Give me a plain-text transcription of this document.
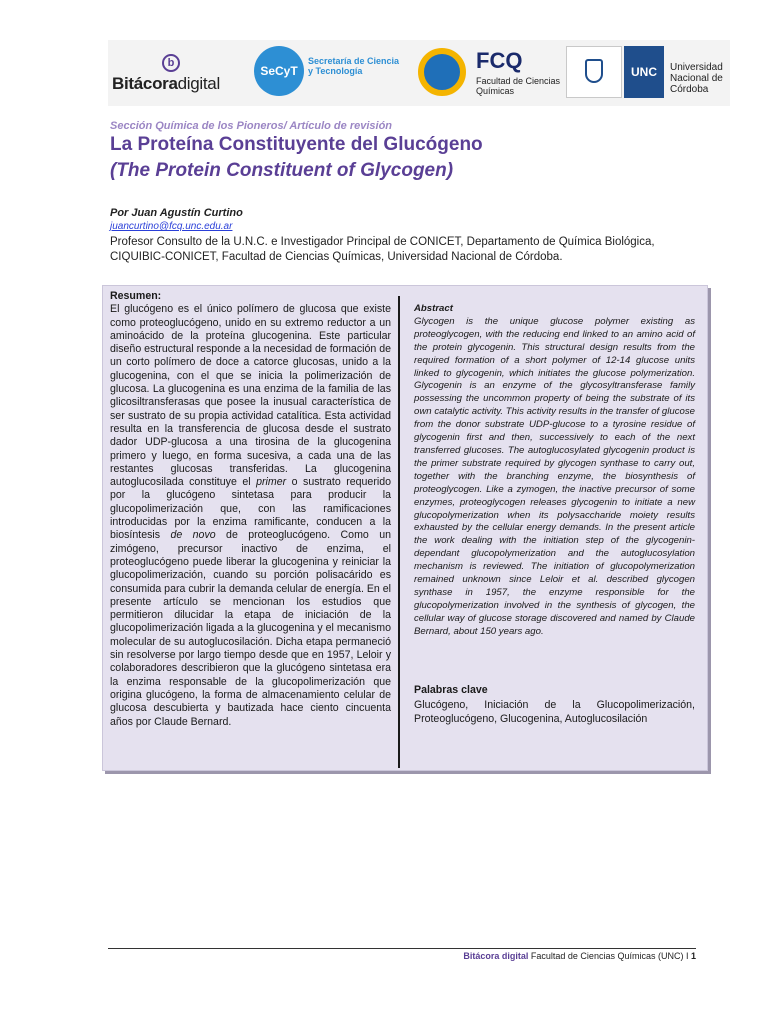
b
Bitácoradigital
SeCyT
Secretaría de Ciencia y Tecnología	FCQ
Facultad de Ciencias Químicas
UNC	Universidad Nacional de Córdoba
Sección Química de los Pioneros/ Artículo de revisión
La Proteína Constituyente del Glucógeno
(The Protein Constituent of Glycogen)
Por Juan Agustín Curtino
juancurtino@fcq.unc.edu.ar
Profesor Consulto de la U.N.C. e Investigador Principal de CONICET, Departamento de Química Biológica, CIQUIBIC-CONICET, Facultad de Ciencias Químicas, Universidad Nacional de Córdoba.
Resumen:
El glucógeno es el único polímero de glucosa que existe como proteoglucógeno, unido en su extremo reductor a un aminoácido de la proteína glucogenina. Este particular diseño estructural responde a la necesidad de formación de un corto polímero de doce a catorce glucosas, unido a la glucogenina, con el que se inicia la polimerización de glucosa. La glucogenina es una enzima de la familia de las glicosiltransferasas que posee la inusual característica de ser sustrato de su propia actividad catalítica. Esta actividad resulta en la transferencia de glucosa desde el sustrato dador UDP-glucosa a una tirosina de la glucogenina primero y luego, en forma sucesiva, a cada una de las restantes glucosas transferidas. La glucogenina autoglucosilada constituye el primer o sustrato requerido por la glucógeno sintetasa para producir la glucopolimerización que, con las ramificaciones introducidas por la enzima ramificante, conducen a la biosíntesis de novo de proteoglucógeno. Como un zimógeno, precursor inactivo de enzima, el proteoglucógeno puede liberar la glucogenina y reiniciar la glucopolimerización, cuando su porción polisacárido es consumida para cubrir la demanda celular de energía. En el presente artículo se mencionan los estudios que permitieron dilucidar la etapa de iniciación de la glucopolimerización ligada a la glucogenina y el mecanismo molecular de su autoglucosilación. Dicha etapa permaneció sin resolverse por largo tiempo desde que en 1957, Leloir y colaboradores describieron que la glucógeno sintetasa era la enzima responsable de la glucopolimerización que origina glucógeno, la forma de almacenamiento celular de glucosa descubierta y bautizada hace ciento cincuenta años por Claude Bernard.
Abstract
Glycogen is the unique glucose polymer existing as proteoglycogen, with the reducing end linked to an amino acid of the protein glycogenin. This structural design results from the required formation of a short polymer of 12-14 glucose units linked to glycogenin, which initiates the glucose polymerization. Glycogenin is an enzyme of the glycosyltransferase family possessing the uncommon property of being the substrate of its own catalytic activity. This activity results in the transfer of glucose from the donor substrate UDP-glucose to a tyrosine residue of glycogenin first and then, successively to each of the next transferred glucoses. The autoglucosylated glycogenin product is the primer substrate required by glycogen synthase to carry out, together with the branching enzyme, the biosynthesis of proteoglycogen. Like a zymogen, the inactive precursor of some enzymes, proteoglycogen releases glycogenin to initiate a new glucopolymerization when its polysaccharide moiety results exhausted by the cellular energy demands. In the present article the work dealing with the initiation step of the glycogenin-dependant glucopolymerization and the autoglucosylation mechanism is reviewed. The initiation of glucopolymerization remained unknown since Leloir et al. described glycogen synthase in 1957, the enzyme responsible for the glucopolymerization involved in the synthesis of glycogen, the cellular way of glucose storage discovered and named by Claude Bernard, about 150 years ago.
Palabras clave
Glucógeno, Iniciación de la Glucopolimerización, Proteoglucógeno, Glucogenina, Autoglucosilación
Bitácora digital Facultad de Ciencias Químicas (UNC) I 1
